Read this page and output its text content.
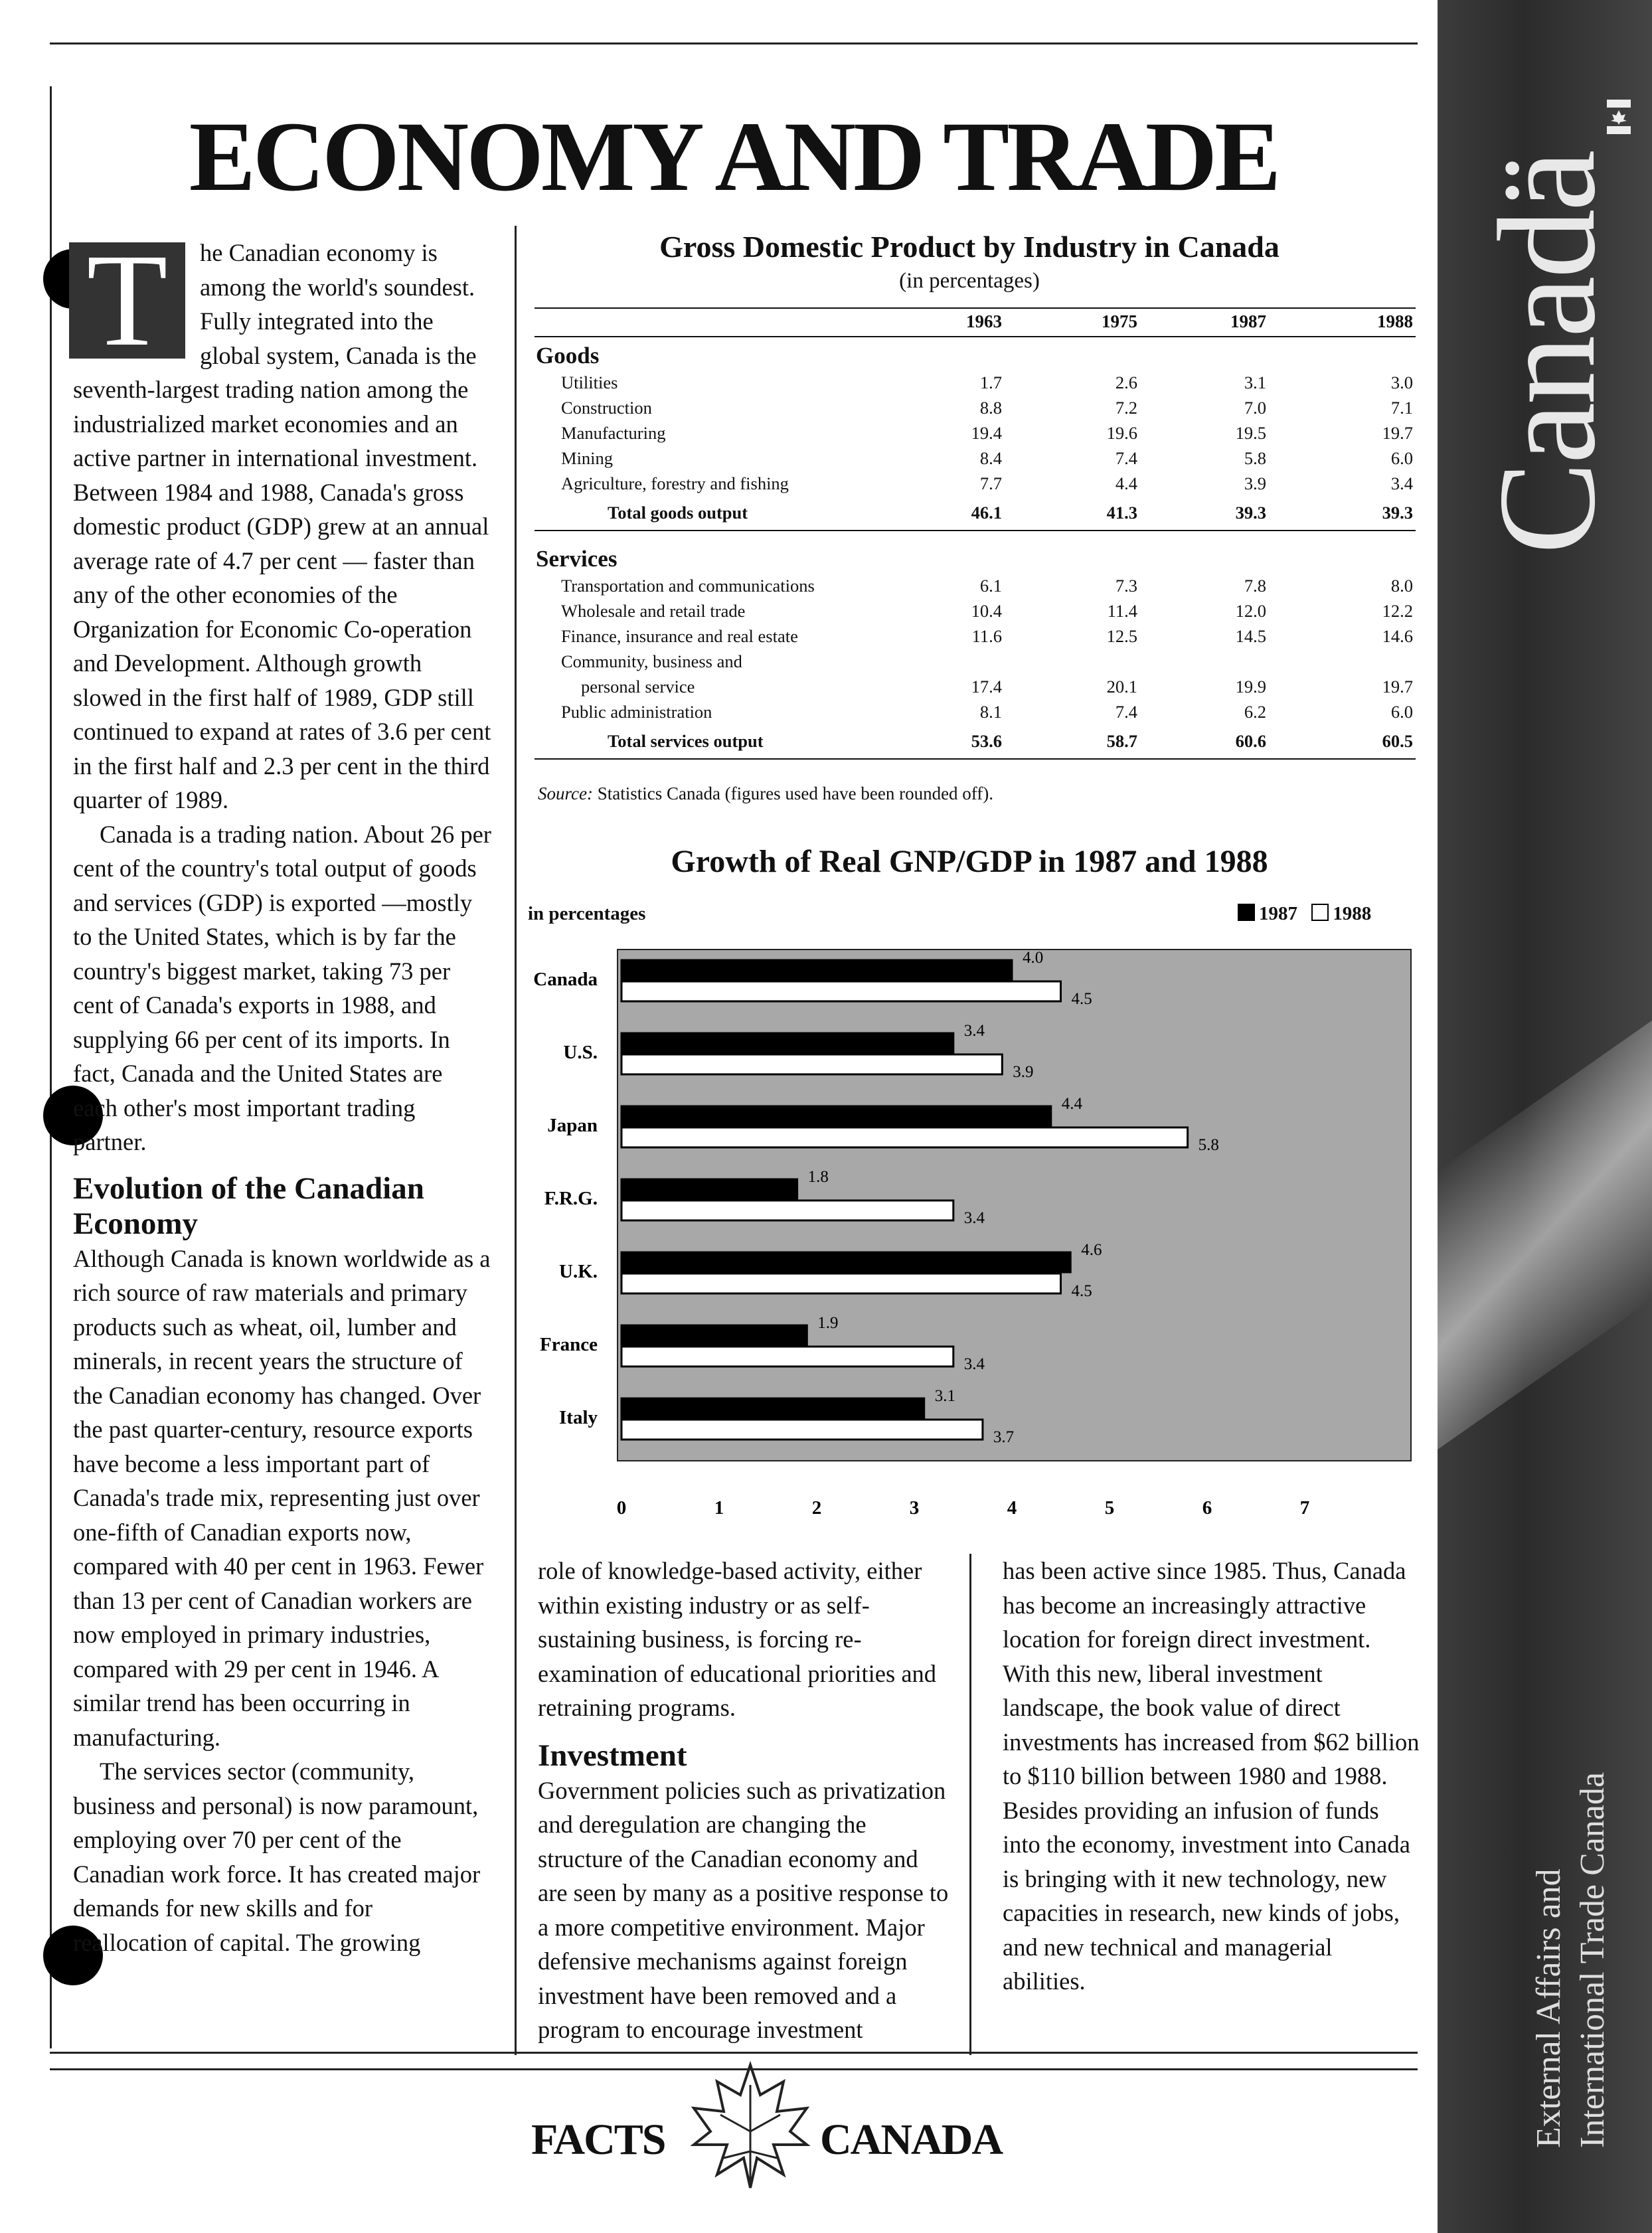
ECONOMY AND TRADE
T	he Canadian economy is among the world's soundest. Fully integrated into the global system, Canada is the seventh-largest trading nation among the industrialized market economies and an active partner in international investment. Between 1984 and 1988, Canada's gross domestic product (GDP) grew at an annual average rate of 4.7 per cent — faster than any of the other economies of the Organization for Economic Co-operation and Development. Although growth slowed in the first half of 1989, GDP still continued to expand at rates of 3.6 per cent in the first half and 2.3 per cent in the third quarter of 1989.

Canada is a trading nation. About 26 per cent of the country's total output of goods and services (GDP) is exported —mostly to the United States, which is by far the country's biggest market, taking 73 per cent of Canada's exports in 1988, and supplying 66 per cent of its imports. In fact, Canada and the United States are each other's most important trading partner.

Evolution of the Canadian Economy

Although Canada is known worldwide as a rich source of raw materials and primary products such as wheat, oil, lumber and minerals, in recent years the structure of the Canadian economy has changed. Over the past quarter-century, resource exports have become a less important part of Canada's trade mix, representing just over one-fifth of Canadian exports now, compared with 40 per cent in 1963. Fewer than 13 per cent of Canadian workers are now employed in primary industries, compared with 29 per cent in 1946. A similar trend has been occurring in manufacturing.

The services sector (community, business and personal) is now paramount, employing over 70 per cent of the Canadian work force. It has created major demands for new skills and for reallocation of capital. The growing

Gross Domestic Product by Industry in Canada
(in percentages)
	1963	1975	1987	1988
Goods				
Utilities	1.7	2.6	3.1	3.0
Construction	8.8	7.2	7.0	7.1
Manufacturing	19.4	19.6	19.5	19.7
Mining	8.4	7.4	5.8	6.0
Agriculture, forestry and fishing	7.7	4.4	3.9	3.4
Total goods output	46.1	41.3	39.3	39.3
Services				
Transportation and communications	6.1	7.3	7.8	8.0
Wholesale and retail trade	10.4	11.4	12.0	12.2
Finance, insurance and real estate	11.6	12.5	14.5	14.6
Community, business and				
personal service	17.4	20.1	19.9	19.7
Public administration	8.1	7.4	6.2	6.0
Total services output	53.6	58.7	60.6	60.5
Source: Statistics Canada (figures used have been rounded off).
Growth of Real GNP/GDP in 1987 and 1988
in percentages	1987 1988
Canada
4.0
4.5
U.S.
3.4
3.9
Japan
4.4
5.8
F.R.G.
1.8
3.4
U.K.
4.6
4.5
France
1.9
3.4
Italy
3.1
3.7
0	1	2	3	4	5	6	7

role of knowledge-based activity, either within existing industry or as self-sustaining business, is forcing re-examination of educational priorities and retraining programs.

Investment

Government policies such as privatization and deregulation are changing the structure of the Canadian economy and are seen by many as a positive response to a more competitive environment. Major defensive mechanisms against foreign investment have been removed and a program to encourage investment

has been active since 1985. Thus, Canada has become an increasingly attractive location for foreign direct investment. With this new, liberal investment landscape, the book value of direct investments has increased from $62 billion to $110 billion between 1980 and 1988. Besides providing an infusion of funds into the economy, investment into Canada is bringing with it new technology, new capacities in research, new kinds of jobs, and new technical and managerial abilities.

FACTS	CANADA
Canadä
External Affairs and International Trade Canada
